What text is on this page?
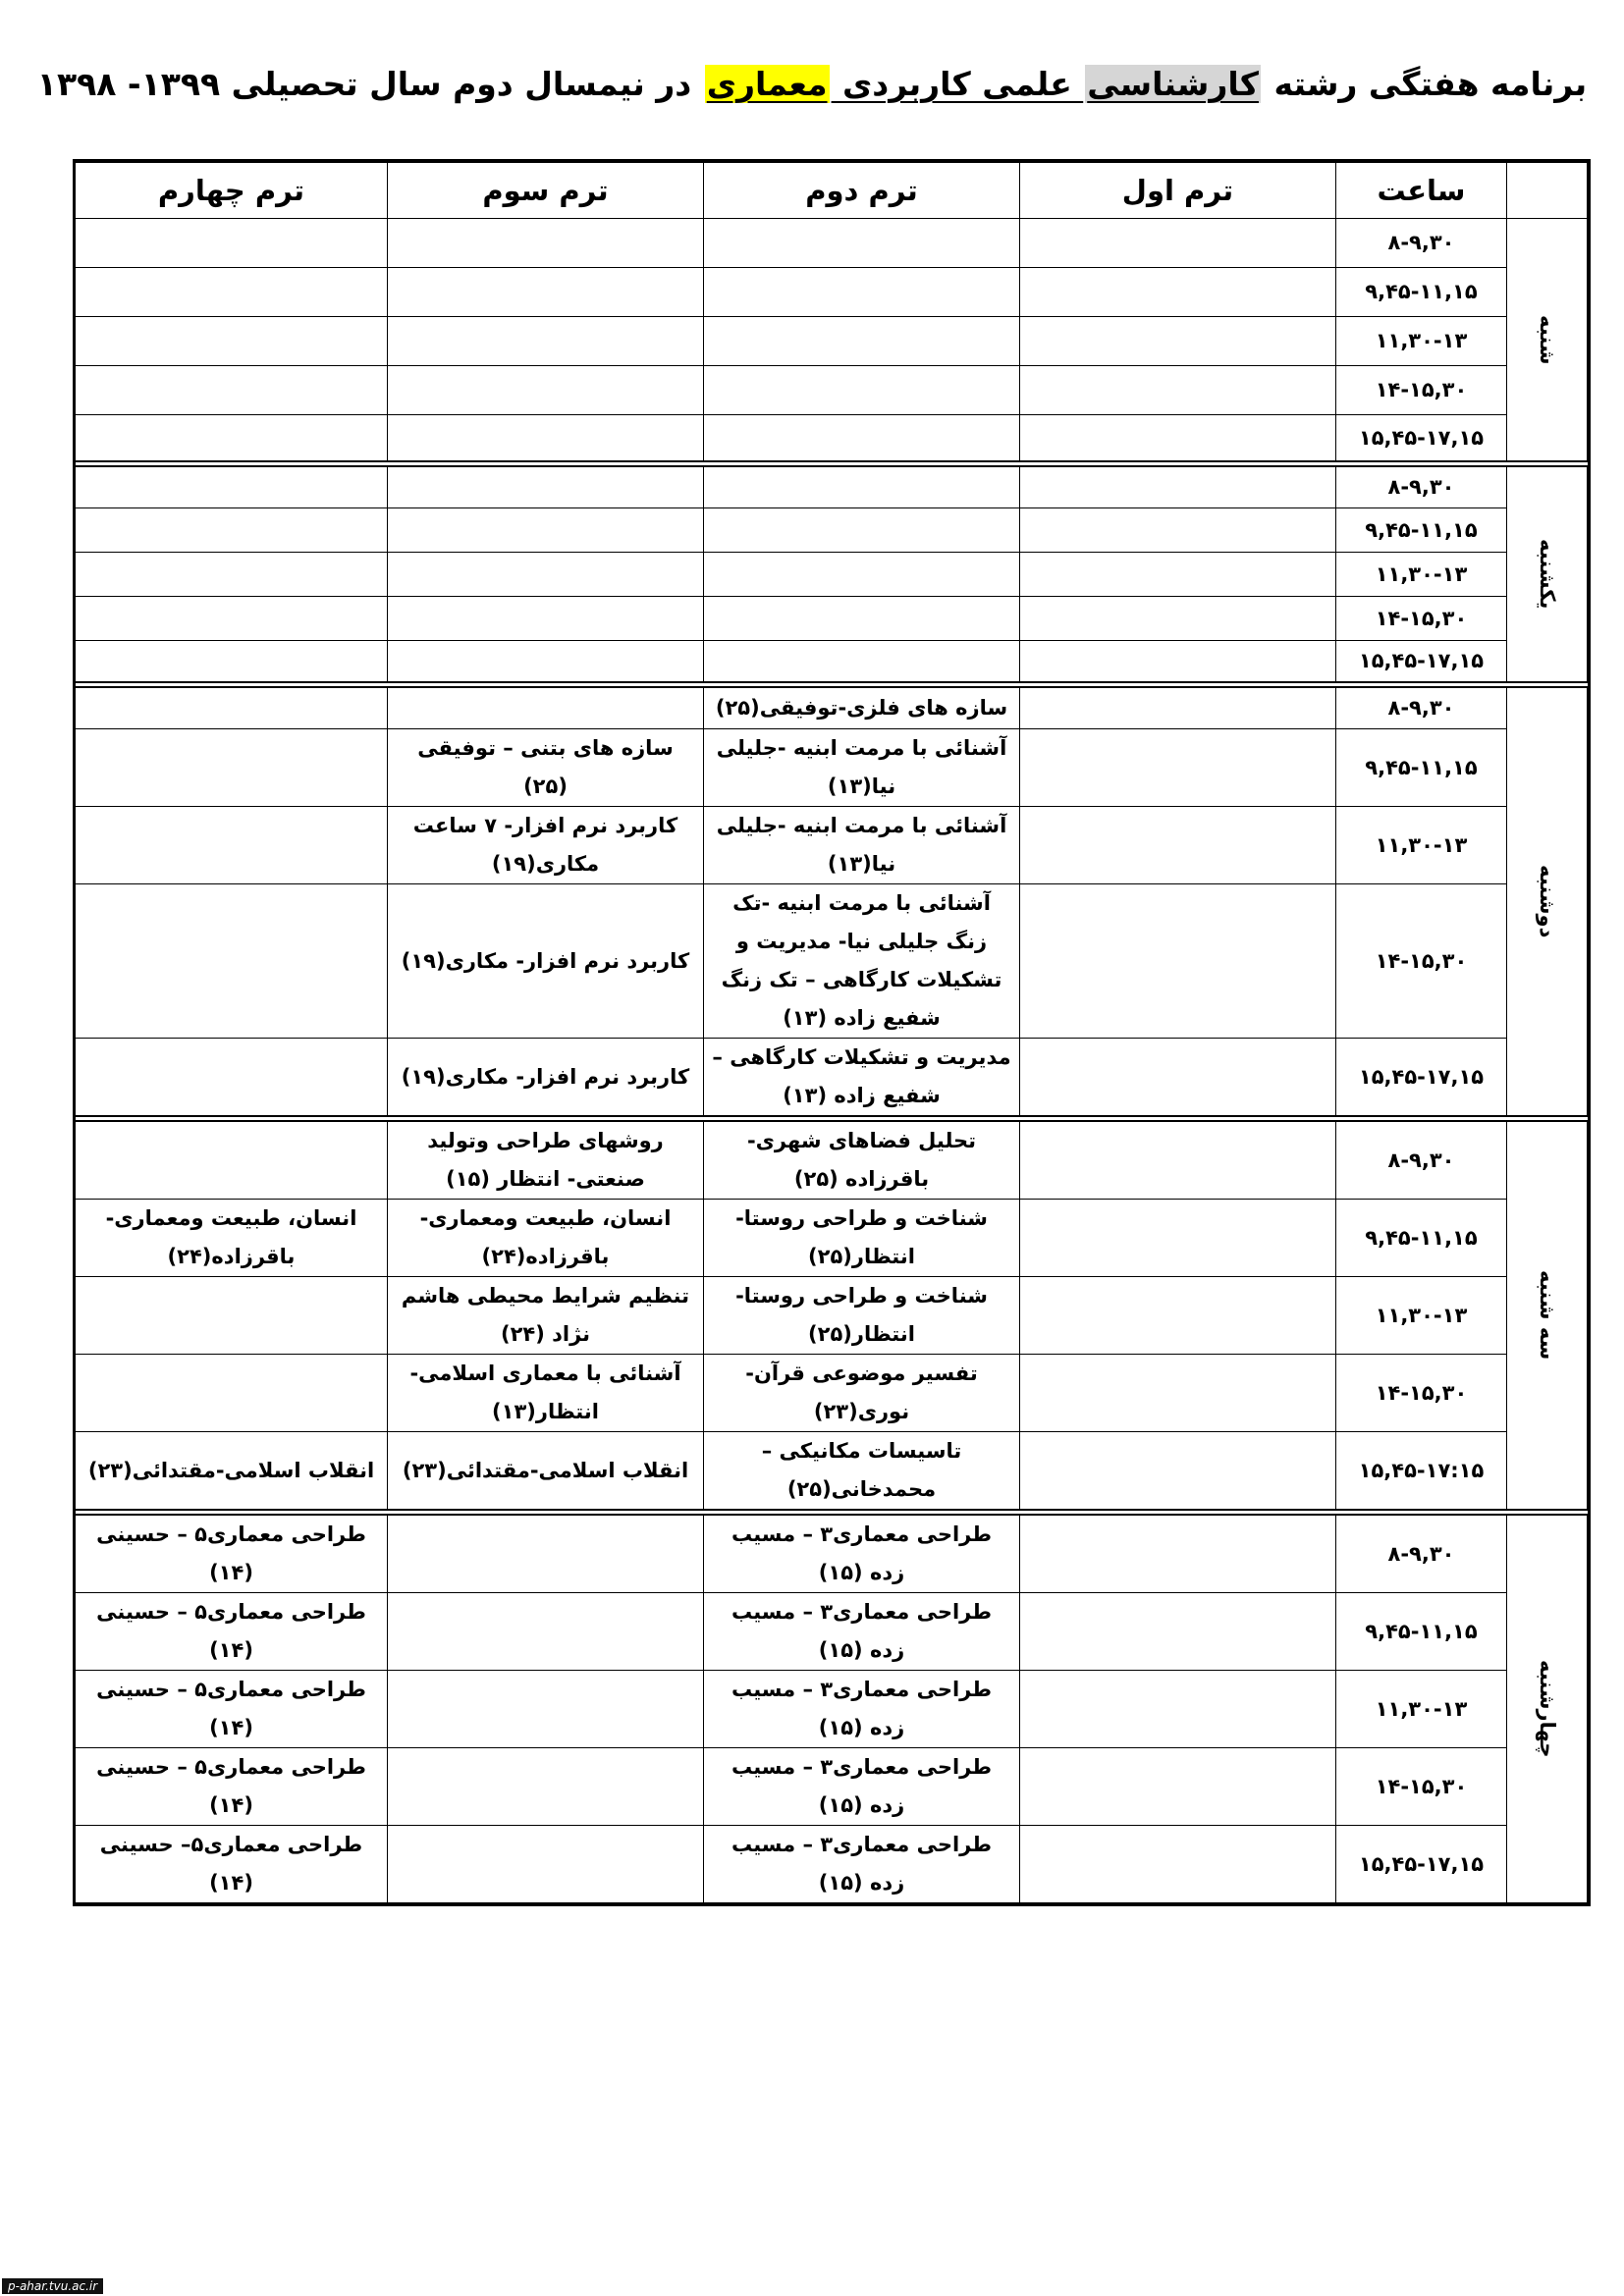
برنامه هفتگی رشته کارشناسی علمی کاربردی معماری در نیمسال دوم سال تحصیلی ۱۳۹۹- ۱۳۹۸
	ساعت	ترم اول	ترم دوم	ترم سوم	ترم چهارم

شنبه	۸-۹,۳۰				
	۹,۴۵-۱۱,۱۵				
	۱۱,۳۰-۱۳				
	۱۴-۱۵,۳۰				
	۱۵,۴۵-۱۷,۱۵				

یکشنبه	۸-۹,۳۰				
	۹,۴۵-۱۱,۱۵				
	۱۱,۳۰-۱۳				
	۱۴-۱۵,۳۰				
	۱۵,۴۵-۱۷,۱۵				

دوشنبه	۸-۹,۳۰		سازه های فلزی-توفیقی(۲۵)		
	۹,۴۵-۱۱,۱۵		آشنائی با مرمت ابنیه -جلیلی نیا(۱۳)	سازه های بتنی – توفیقی (۲۵)	
	۱۱,۳۰-۱۳		آشنائی با مرمت ابنیه -جلیلی نیا(۱۳)	کاربرد نرم افزار- ۷ ساعت مکاری(۱۹)	
	۱۴-۱۵,۳۰		آشنائی با مرمت ابنیه -تک زنگ جلیلی نیا- مدیریت و تشکیلات کارگاهی – تک زنگ شفیع زاده (۱۳)	کاربرد نرم افزار- مکاری(۱۹)	
	۱۵,۴۵-۱۷,۱۵		مدیریت و تشکیلات کارگاهی – شفیع زاده (۱۳)	کاربرد نرم افزار- مکاری(۱۹)	

سه شنبه	۸-۹,۳۰		تحلیل فضاهای شهری- باقرزاده (۲۵)	روشهای طراحی وتولید صنعتی- انتظار (۱۵)	
	۹,۴۵-۱۱,۱۵		شناخت و طراحی روستا- انتظار(۲۵)	انسان، طبیعت ومعماری- باقرزاده(۲۴)	انسان، طبیعت ومعماری- باقرزاده(۲۴)
	۱۱,۳۰-۱۳		شناخت و طراحی روستا- انتظار(۲۵)	تنظیم شرایط محیطی هاشم نژاد (۲۴)	
	۱۴-۱۵,۳۰		تفسیر موضوعی قرآن- نوری(۲۳)	آشنائی با معماری اسلامی- انتظار(۱۳)	
	۱۵,۴۵-۱۷:۱۵		تاسیسات مکانیکی – محمدخانی(۲۵)	انقلاب اسلامی-مقتدائی(۲۳)	انقلاب اسلامی-مقتدائی(۲۳)

چهارشنبه	۸-۹,۳۰		طراحی معماری۳ – مسیب زده (۱۵)		طراحی معماری۵ – حسینی (۱۴)
	۹,۴۵-۱۱,۱۵		طراحی معماری۳ – مسیب زده (۱۵)		طراحی معماری۵ – حسینی (۱۴)
	۱۱,۳۰-۱۳		طراحی معماری۳ – مسیب زده (۱۵)		طراحی معماری۵ – حسینی (۱۴)
	۱۴-۱۵,۳۰		طراحی معماری۳ – مسیب زده (۱۵)		طراحی معماری۵ – حسینی (۱۴)
	۱۵,۴۵-۱۷,۱۵		طراحی معماری۳ – مسیب زده (۱۵)		طراحی معماری۵– حسینی (۱۴)
p-ahar.tvu.ac.ir
